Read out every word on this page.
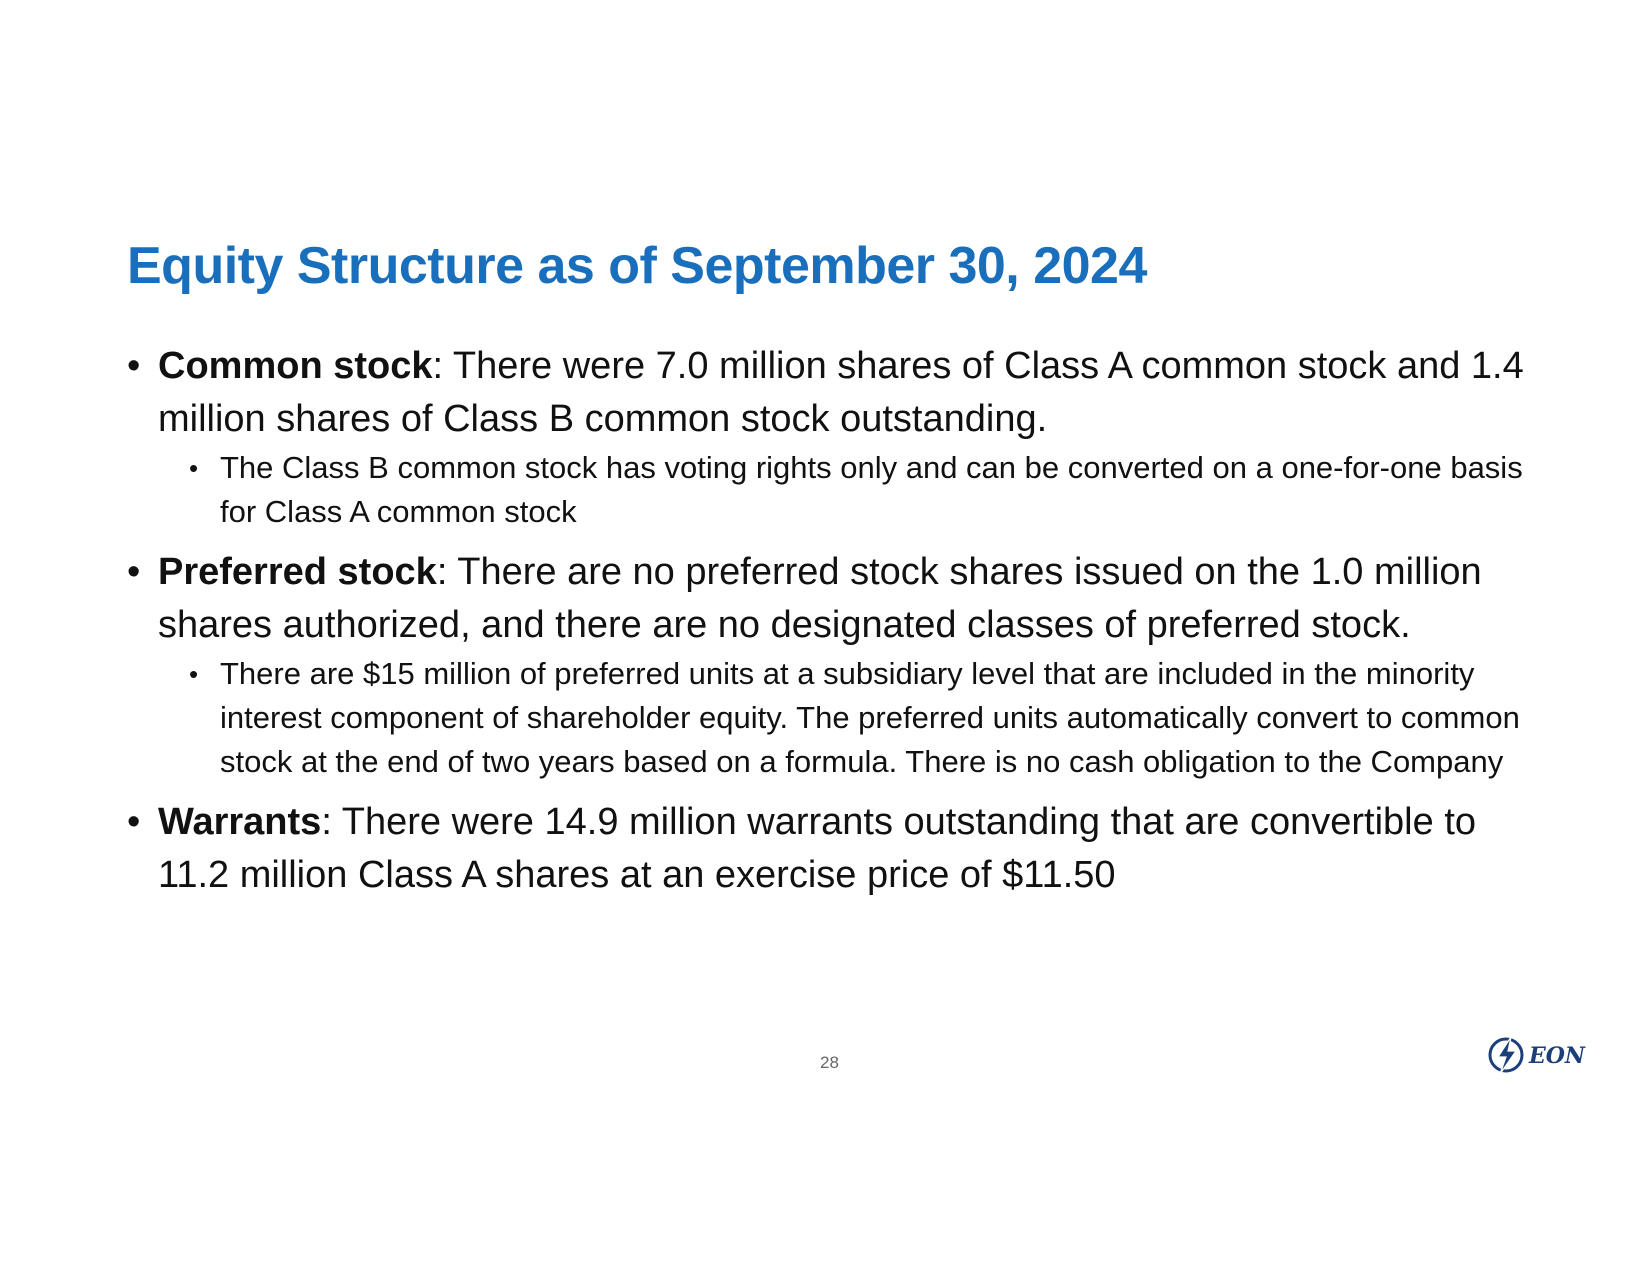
Equity Structure as of September 30, 2024
• Common stock: There were 7.0 million shares of Class A common stock and 1.4 million shares of Class B common stock outstanding.
• The Class B common stock has voting rights only and can be converted on a one-for-one basis for Class A common stock
• Preferred stock: There are no preferred stock shares issued on the 1.0 million shares authorized, and there are no designated classes of preferred stock.
• There are $15 million of preferred units at a subsidiary level that are included in the minority interest component of shareholder equity. The preferred units automatically convert to common stock at the end of two years based on a formula. There is no cash obligation to the Company
• Warrants: There were 14.9 million warrants outstanding that are convertible to 11.2 million Class A shares at an exercise price of $11.50
28	EON
